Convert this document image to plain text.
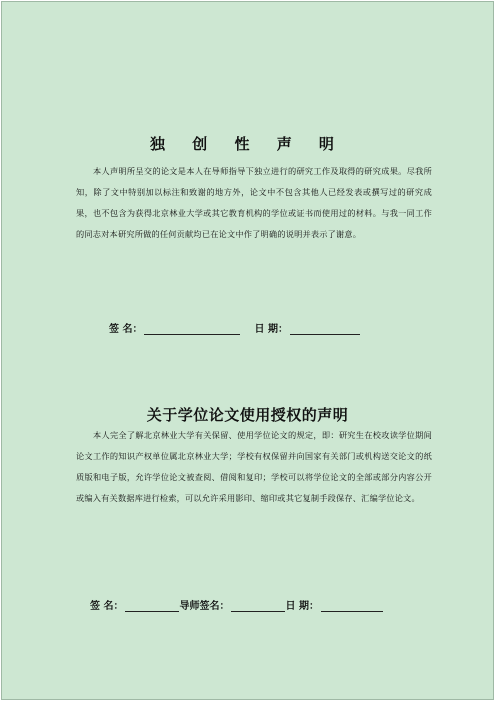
独 创 性 声 明
本人声明所呈交的论文是本人在导师指导下独立进行的研究工作及取得的研究成果。尽我所知，除了文中特别加以标注和致谢的地方外，论文中不包含其他人已经发表或撰写过的研究成果，也不包含为获得北京林业大学或其它教育机构的学位或证书而使用过的材料。与我一同工作的同志对本研究所做的任何贡献均已在论文中作了明确的说明并表示了谢意。
签 名：	日 期：
关于学位论文使用授权的声明
本人完全了解北京林业大学有关保留、使用学位论文的规定，即：研究生在校攻读学位期间论文工作的知识产权单位属北京林业大学；学校有权保留并向国家有关部门或机构送交论文的纸质版和电子版，允许学位论文被查阅、借阅和复印；学校可以将学位论文的全部或部分内容公开或编入有关数据库进行检索，可以允许采用影印、缩印或其它复制手段保存、汇编学位论文。
签 名：	导师签名：	日 期：
